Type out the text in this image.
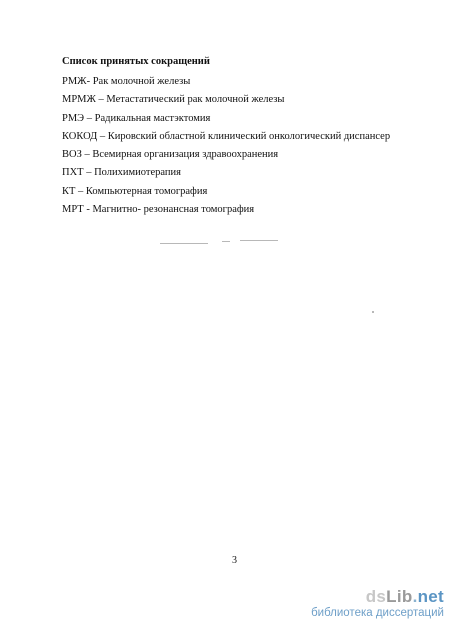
Список принятых сокращений
РМЖ- Рак молочной железы
МРМЖ – Метастатический рак молочной железы
РМЭ – Радикальная мастэктомия
КОКОД – Кировский областной клинический онкологический диспансер
ВОЗ – Всемирная организация здравоохранения
ПХТ – Полихимиотерапия
КТ – Компьютерная томография
МРТ - Магнитно- резонансная томография
3
dsLib.net
библиотека диссертаций
